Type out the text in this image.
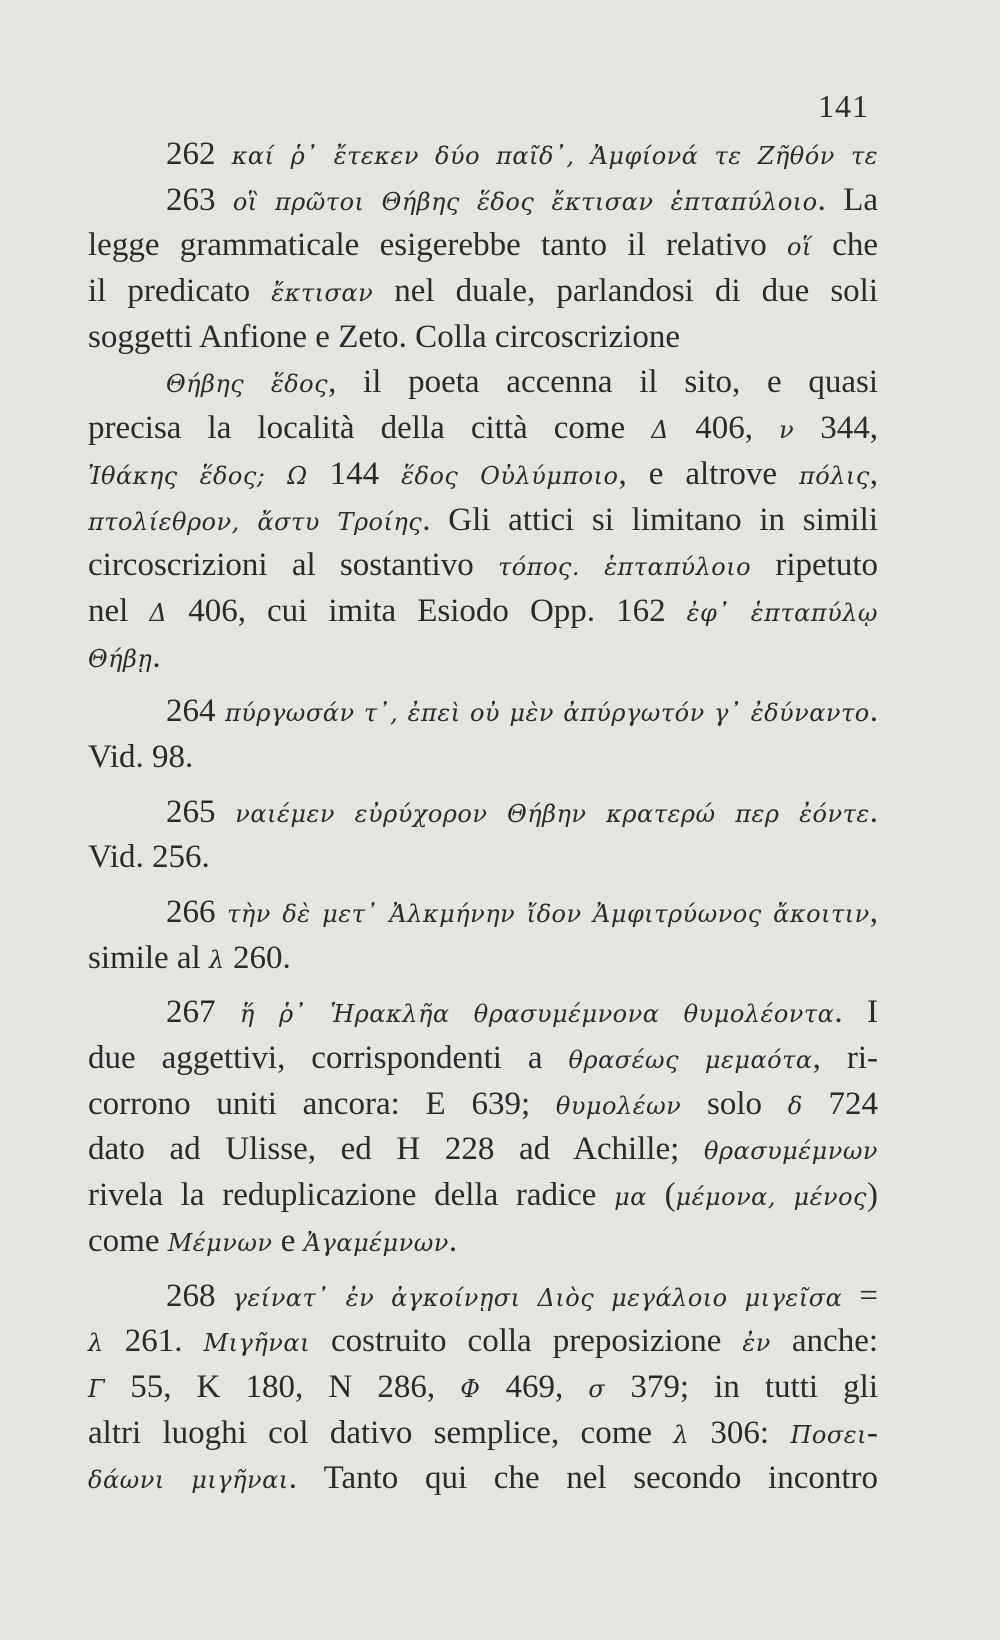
141
262 καί ῥ᾽ ἔτεκεν δύο παῖδ᾽, Ἀμφίονά τε Ζῆθόν τε
263 οἳ πρῶτοι Θήβης ἕδος ἔκτισαν ἑπταπύλοιο. La
legge grammaticale esigerebbe tanto il relativo οἵ che
il predicato ἔκτισαν nel duale, parlandosi di due soli
soggetti Anfione e Zeto. Colla circoscrizione
Θήβης ἕδος, il poeta accenna il sito, e quasi
precisa la località della città come Δ 406, ν 344,
Ἰθάκης ἕδος; Ω 144 ἕδος Οὐλύμποιο, e altrove πόλις,
πτολίεθρον, ἄστυ Τροίης. Gli attici si limitano in simili
circoscrizioni al sostantivo τόπος. ἑπταπύλοιο ripetuto
nel Δ 406, cui imita Esiodo Opp. 162 ἐφ᾽ ἑπταπύλῳ
Θήβῃ.
264 πύργωσάν τ᾽, ἐπεὶ οὐ μὲν ἀπύργωτόν γ᾽ ἐδύναντο.
Vid. 98.
265 ναιέμεν εὐρύχορον Θήβην κρατερώ περ ἐόντε.
Vid. 256.
266 τὴν δὲ μετ᾽ Ἀλκμήνην ἴδον Ἀμφιτρύωνος ἄκοιτιν,
simile al λ 260.
267 ἥ ῥ᾽ Ἡρακλῆα θρασυμέμνονα θυμολέοντα. I
due aggettivi, corrispondenti a θρασέως μεμαότα, ri-
corrono uniti ancora: E 639; θυμολέων solo δ 724
dato ad Ulisse, ed H 228 ad Achille; θρασυμέμνων
rivela la reduplicazione della radice μα (μέμονα, μένος)
come Μέμνων e Ἀγαμέμνων.
268 γείνατ᾽ ἐν ἀγκοίνῃσι Διὸς μεγάλοιο μιγεῖσα =
λ 261. Μιγῆναι costruito colla preposizione ἐν anche:
Γ 55, K 180, N 286, Φ 469, σ 379; in tutti gli
altri luoghi col dativo semplice, come λ 306: Ποσει-
δάωνι μιγῆναι. Tanto qui che nel secondo incontro
